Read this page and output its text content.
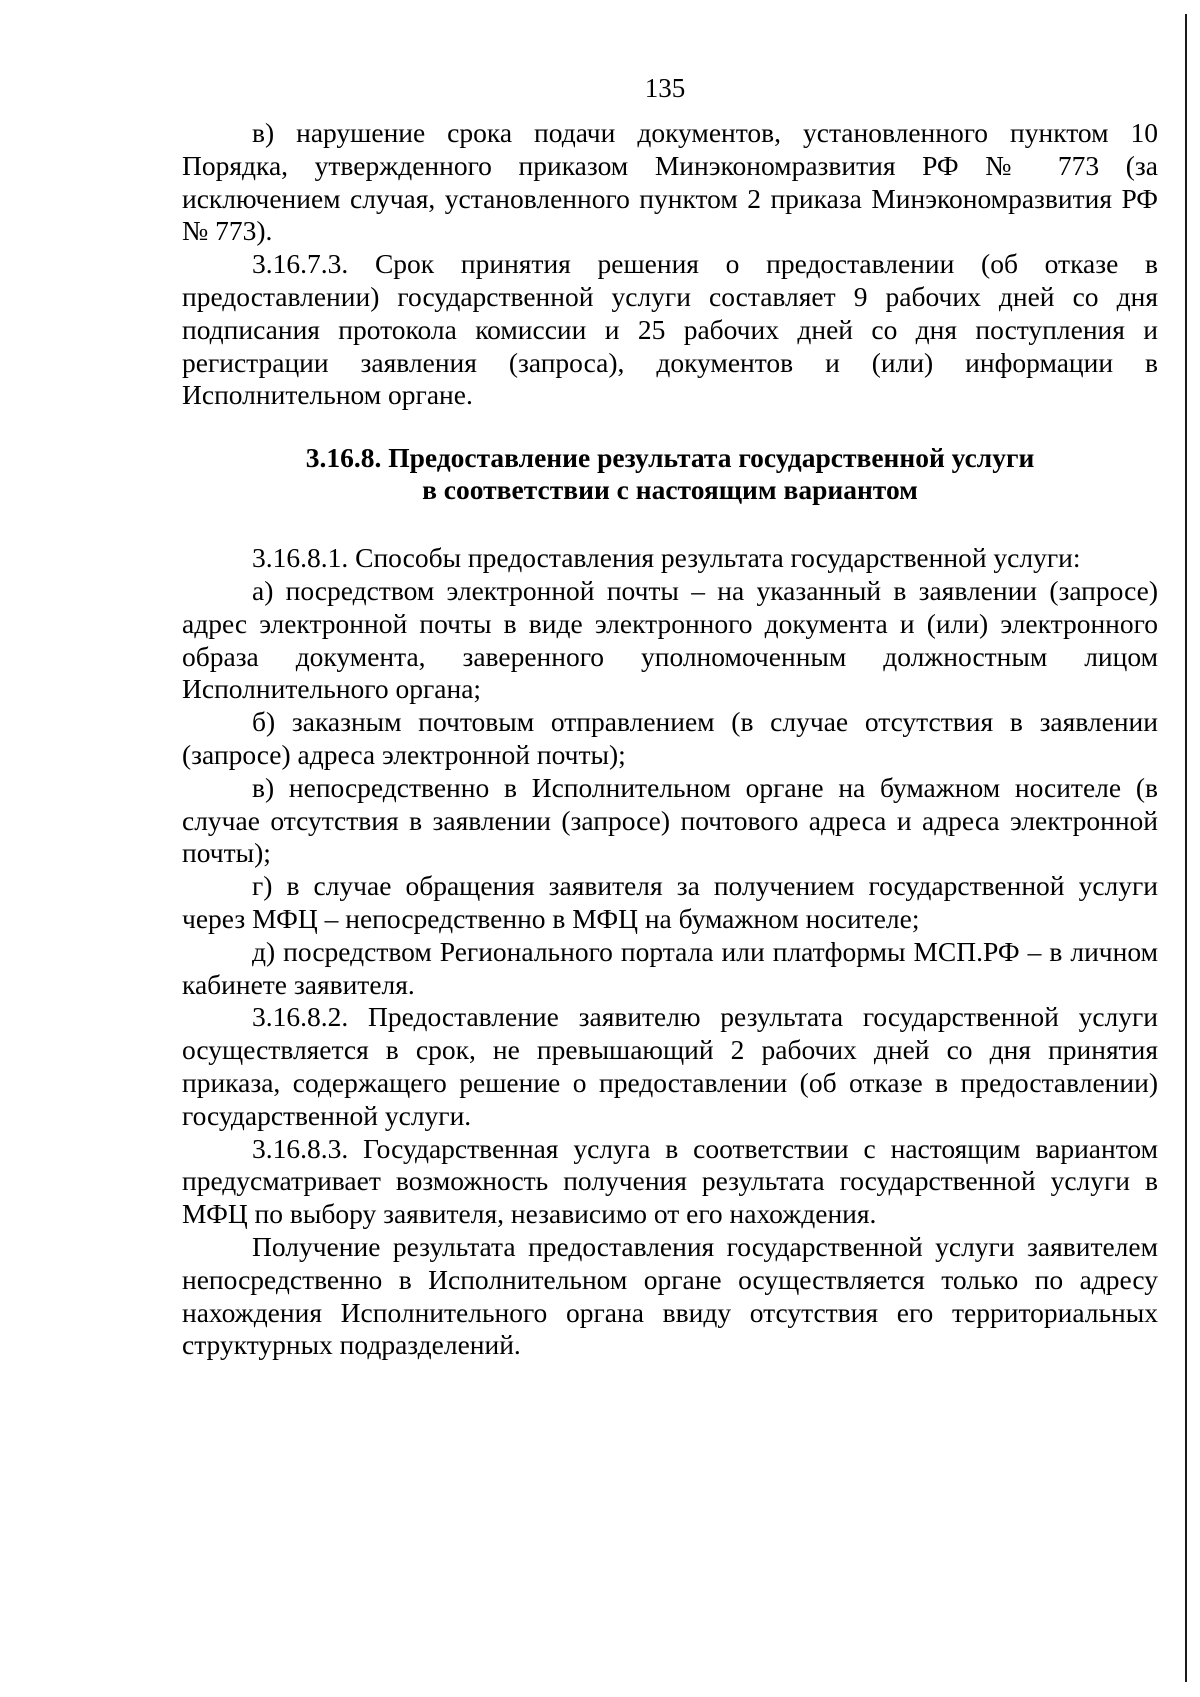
135

в) нарушение срока подачи документов, установленного пунктом 10 Порядка, утвержденного приказом Минэкономразвития РФ № 773 (за исключением случая, установленного пунктом 2 приказа Минэкономразвития РФ № 773).

3.16.7.3. Срок принятия решения о предоставлении (об отказе в предоставлении) государственной услуги составляет 9 рабочих дней со дня подписания протокола комиссии и 25 рабочих дней со дня поступления и регистрации заявления (запроса), документов и (или) информации в Исполнительном органе.

3.16.8. Предоставление результата государственной услуги
в соответствии с настоящим вариантом

3.16.8.1. Способы предоставления результата государственной услуги:

а) посредством электронной почты – на указанный в заявлении (запросе) адрес электронной почты в виде электронного документа и (или) электронного образа документа, заверенного уполномоченным должностным лицом Исполнительного органа;

б) заказным почтовым отправлением (в случае отсутствия в заявлении (запросе) адреса электронной почты);

в) непосредственно в Исполнительном органе на бумажном носителе (в случае отсутствия в заявлении (запросе) почтового адреса и адреса электронной почты);

г) в случае обращения заявителя за получением государственной услуги через МФЦ – непосредственно в МФЦ на бумажном носителе;

д) посредством Регионального портала или платформы МСП.РФ – в личном кабинете заявителя.

3.16.8.2. Предоставление заявителю результата государственной услуги осуществляется в срок, не превышающий 2 рабочих дней со дня принятия приказа, содержащего решение о предоставлении (об отказе в предоставлении) государственной услуги.

3.16.8.3. Государственная услуга в соответствии с настоящим вариантом предусматривает возможность получения результата государственной услуги в МФЦ по выбору заявителя, независимо от его нахождения.

Получение результата предоставления государственной услуги заявителем непосредственно в Исполнительном органе осуществляется только по адресу нахождения Исполнительного органа ввиду отсутствия его территориальных структурных подразделений.
